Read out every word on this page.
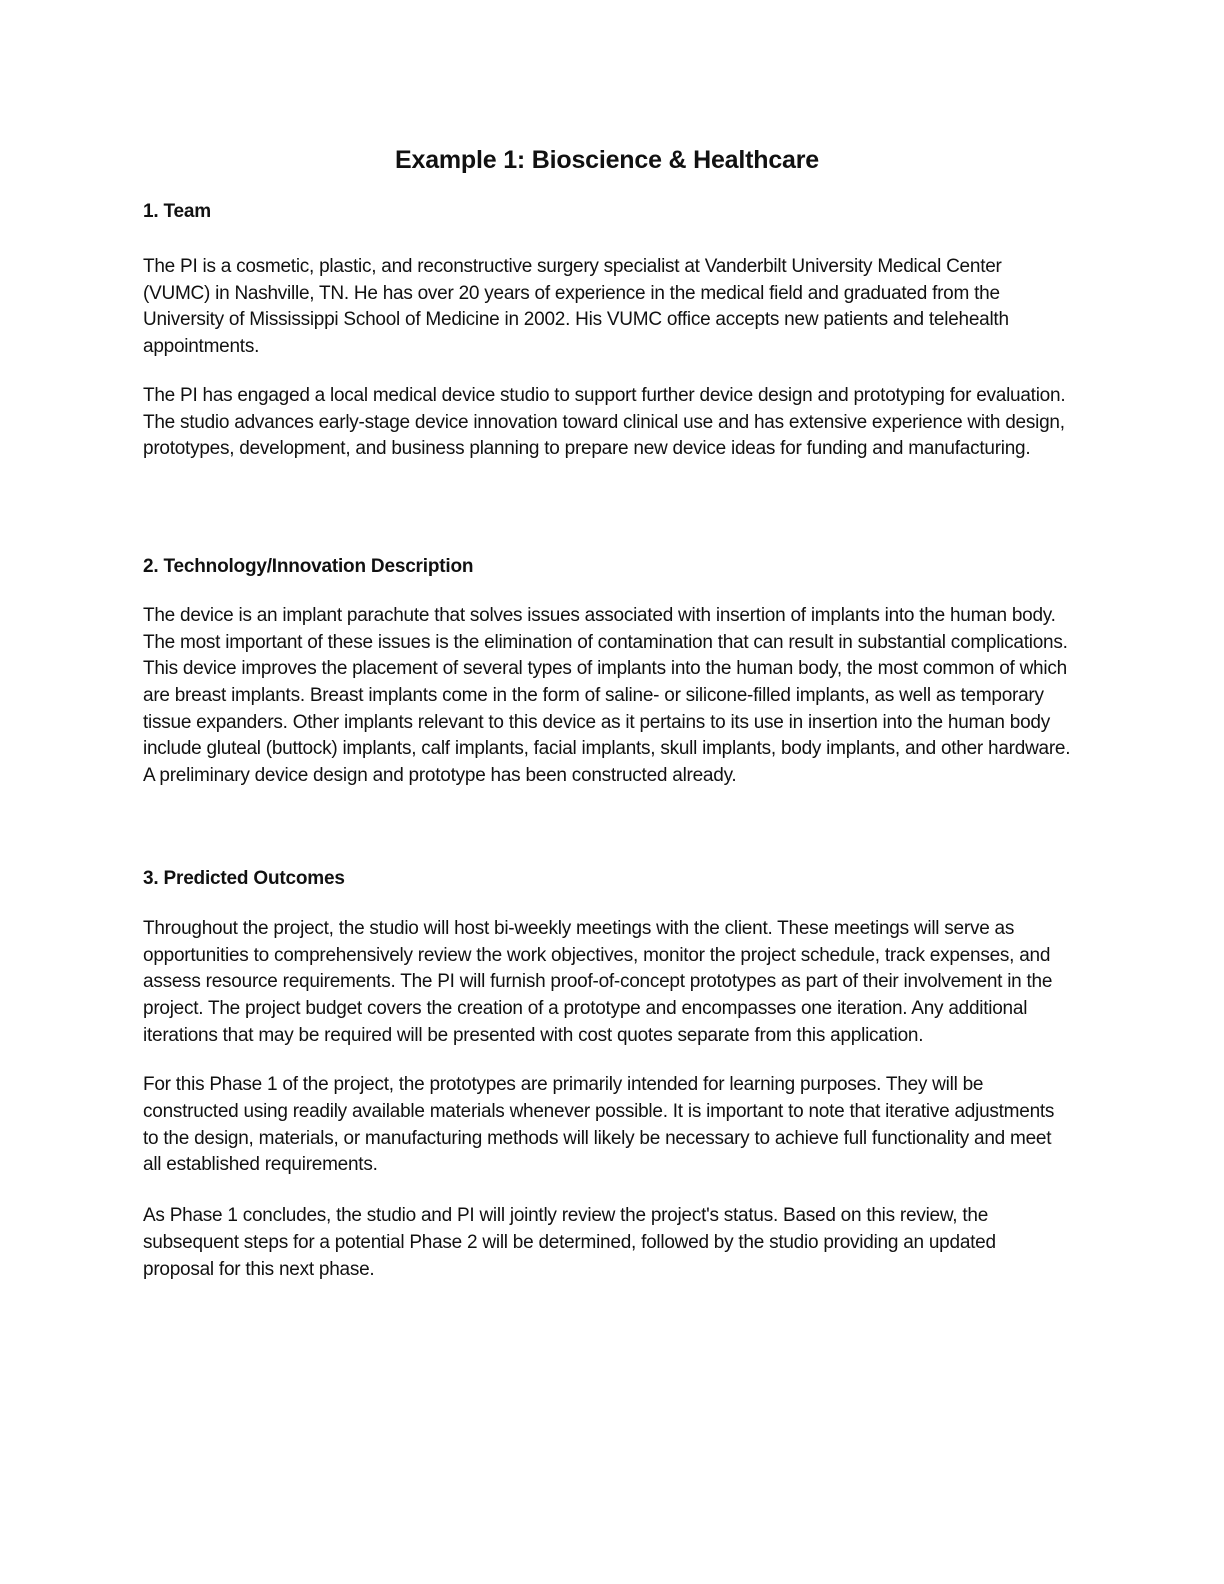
Example 1: Bioscience & Healthcare
1. Team

The PI is a cosmetic, plastic, and reconstructive surgery specialist at Vanderbilt University Medical Center (VUMC) in Nashville, TN. He has over 20 years of experience in the medical field and graduated from the University of Mississippi School of Medicine in 2002. His VUMC office accepts new patients and telehealth appointments.

The PI has engaged a local medical device studio to support further device design and prototyping for evaluation. The studio advances early-stage device innovation toward clinical use and has extensive experience with design, prototypes, development, and business planning to prepare new device ideas for funding and manufacturing.

2. Technology/Innovation Description

The device is an implant parachute that solves issues associated with insertion of implants into the human body. The most important of these issues is the elimination of contamination that can result in substantial complications. This device improves the placement of several types of implants into the human body, the most common of which are breast implants. Breast implants come in the form of saline- or silicone-filled implants, as well as temporary tissue expanders. Other implants relevant to this device as it pertains to its use in insertion into the human body include gluteal (buttock) implants, calf implants, facial implants, skull implants, body implants, and other hardware. A preliminary device design and prototype has been constructed already.

3. Predicted Outcomes

Throughout the project, the studio will host bi-weekly meetings with the client. These meetings will serve as opportunities to comprehensively review the work objectives, monitor the project schedule, track expenses, and assess resource requirements. The PI will furnish proof-of-concept prototypes as part of their involvement in the project. The project budget covers the creation of a prototype and encompasses one iteration. Any additional iterations that may be required will be presented with cost quotes separate from this application.

For this Phase 1 of the project, the prototypes are primarily intended for learning purposes. They will be constructed using readily available materials whenever possible. It is important to note that iterative adjustments to the design, materials, or manufacturing methods will likely be necessary to achieve full functionality and meet all established requirements.

As Phase 1 concludes, the studio and PI will jointly review the project's status. Based on this review, the subsequent steps for a potential Phase 2 will be determined, followed by the studio providing an updated proposal for this next phase.
